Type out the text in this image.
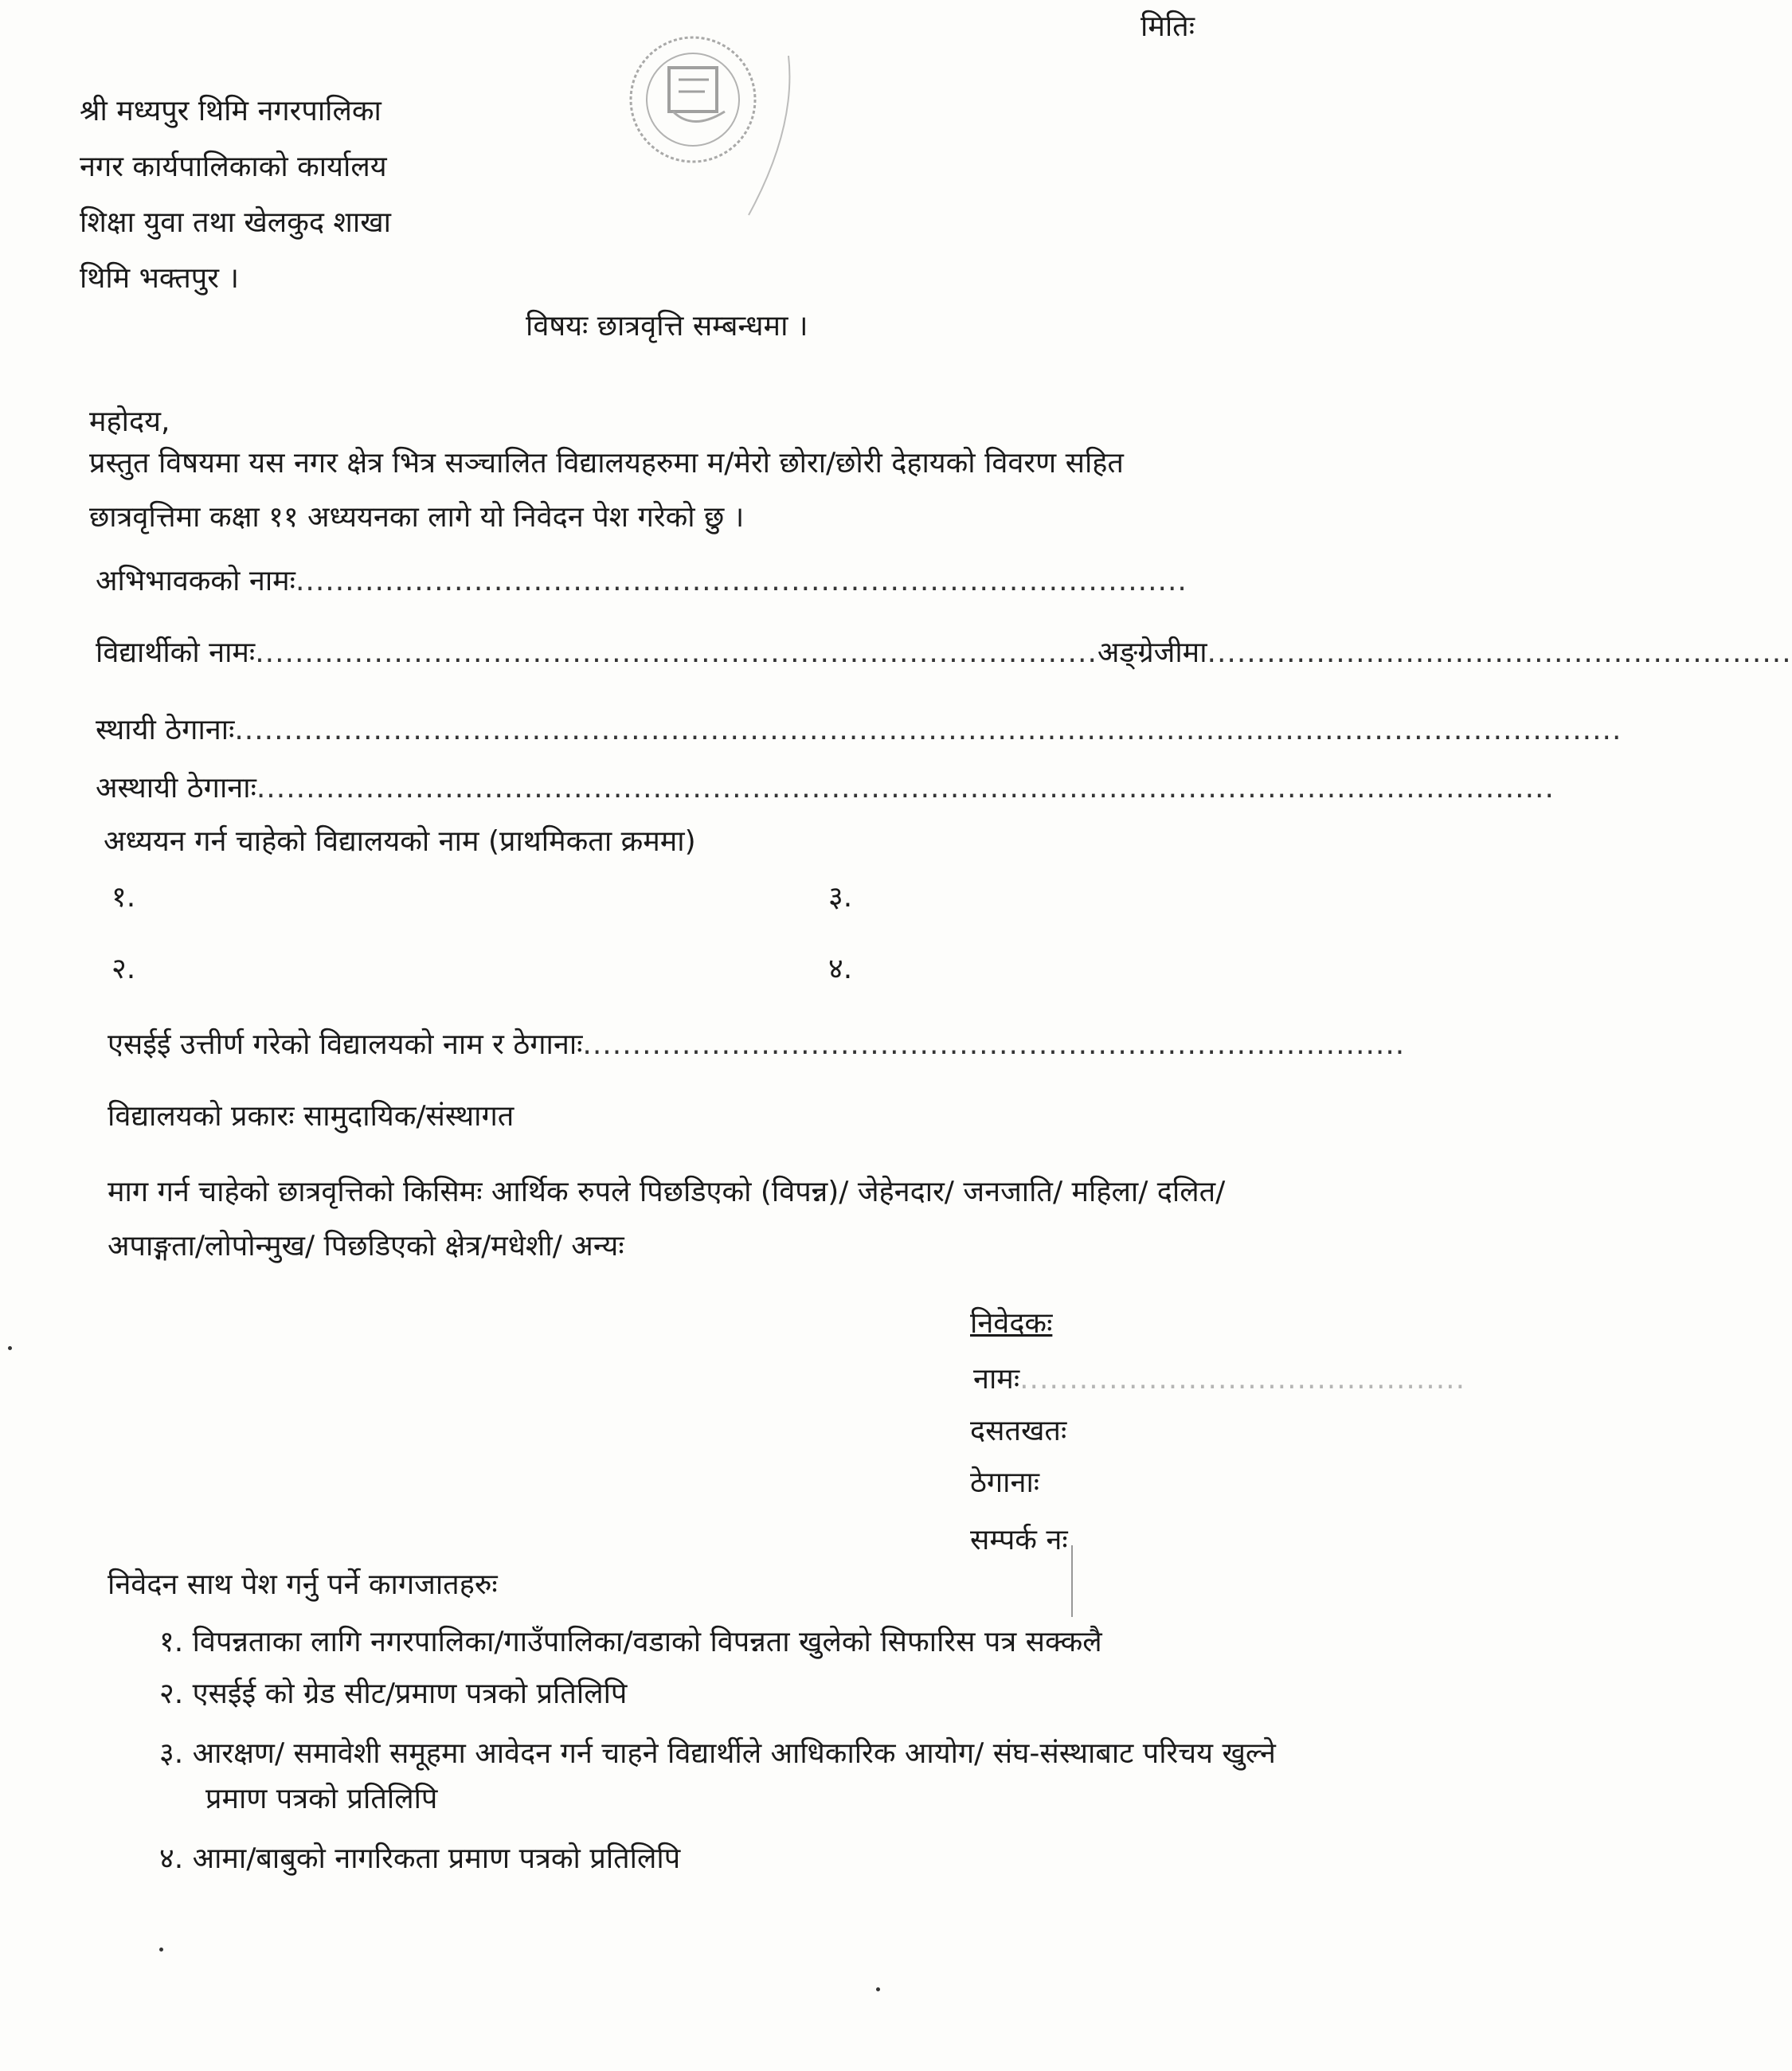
मितिः
श्री मध्यपुर थिमि नगरपालिका
नगर कार्यपालिकाको कार्यालय
शिक्षा युवा तथा खेलकुद शाखा
थिमि भक्तपुर ।
विषयः छात्रवृत्ति सम्बन्धमा ।
महोदय,
प्रस्तुत विषयमा यस नगर क्षेत्र भित्र सञ्चालित विद्यालयहरुमा म/मेरो छोरा/छोरी देहायको विवरण सहित
छात्रवृत्तिमा कक्षा ११ अध्ययनका लागे यो निवेदन पेश गरेको छु ।
अभिभावकको नामः..........................................................................................
विद्यार्थीको नामः.....................................................................................अङ्ग्रेजीमा...........................................................
स्थायी ठेगानाः............................................................................................................................................
अस्थायी ठेगानाः...................................................................................................................................
अध्ययन गर्न चाहेको विद्यालयको नाम (प्राथमिकता क्रममा)
१.	३.
२.	४.
एसईई उत्तीर्ण गरेको विद्यालयको नाम र ठेगानाः...................................................................................
विद्यालयको प्रकारः सामुदायिक/संस्थागत
माग गर्न चाहेको छात्रवृत्तिको किसिमः आर्थिक रुपले पिछडिएको (विपन्न)/ जेहेनदार/ जनजाति/ महिला/ दलित/
अपाङ्गता/लोपोन्मुख/ पिछडिएको क्षेत्र/मधेशी/ अन्यः
निवेदकः
नामः.............................................
दसतखतः
ठेगानाः
सम्पर्क नः
निवेदन साथ पेश गर्नु पर्ने कागजातहरुः
१. विपन्नताका लागि नगरपालिका/गाउँपालिका/वडाको विपन्नता खुलेको सिफारिस पत्र सक्कलै
२. एसईई को ग्रेड सीट/प्रमाण पत्रको प्रतिलिपि
३. आरक्षण/ समावेशी समूहमा आवेदन गर्न चाहने विद्यार्थीले आधिकारिक आयोग/ संघ-संस्थाबाट परिचय खुल्ने
प्रमाण पत्रको प्रतिलिपि
४. आमा/बाबुको नागरिकता प्रमाण पत्रको प्रतिलिपि
